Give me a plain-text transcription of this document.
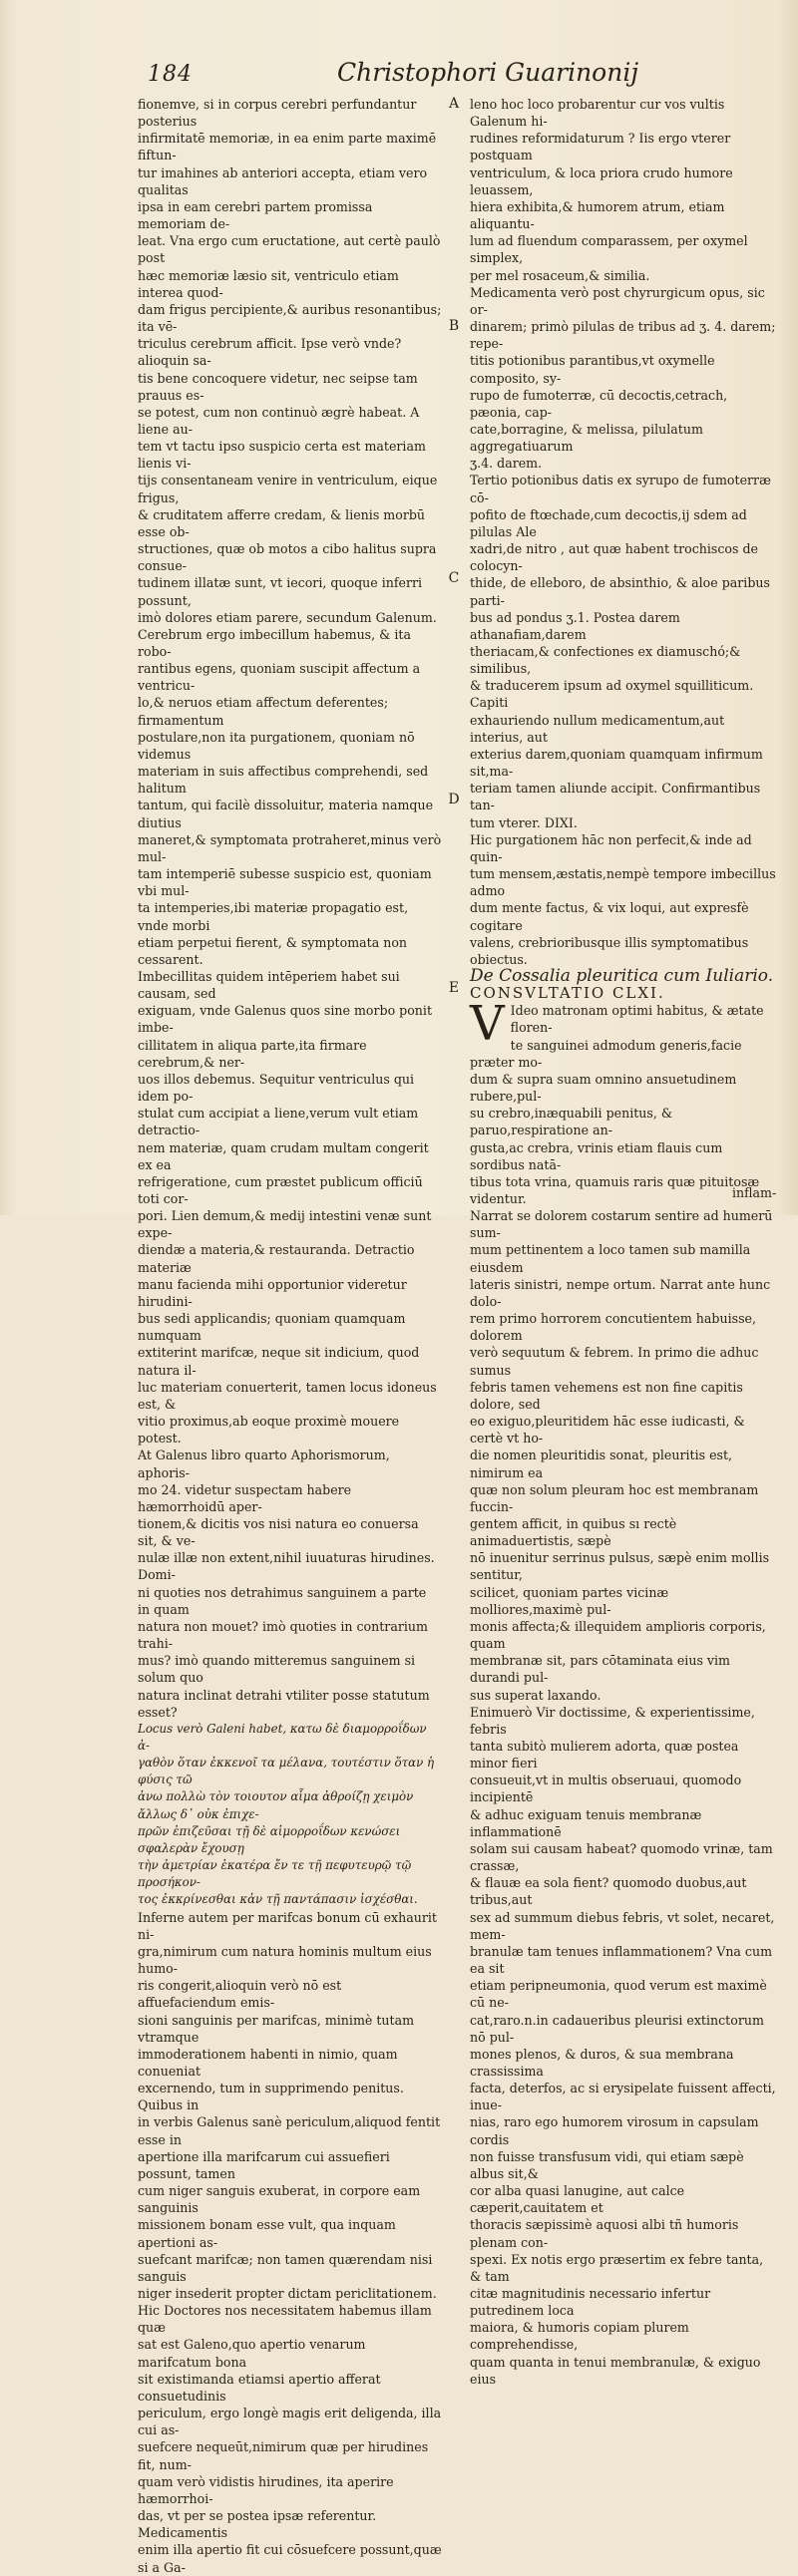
184	Christophori Guarinonij
A
B
C
D
E

fionemve, si in corpus cerebri perfundantur posterius
infirmitatē memoriæ, in ea enim parte maximē fiftun-
tur imahines ab anteriori accepta, etiam vero qualitas
ipsa in eam cerebri partem promissa memoriam de-
leat. Vna ergo cum eructatione, aut certè paulò post
hæc memoriæ læsio sit, ventriculo etiam interea quod-
dam frigus percipiente,& auribus resonantibus; ita vē-
triculus cerebrum afficit. Ipse verò vnde? alioquin sa-
tis bene concoquere videtur, nec seipse tam prauus es-
se potest, cum non continuò ægrè habeat. A liene au-
tem vt tactu ipso suspicio certa est materiam lienis vi-
tijs consentaneam venire in ventriculum, eique frigus,
& cruditatem afferre credam, & lienis morbū esse ob-
structiones, quæ ob motos a cibo halitus supra consue-
tudinem illatæ sunt, vt iecori, quoque inferri possunt,
imò dolores etiam parere, secundum Galenum.

Cerebrum ergo imbecillum habemus, & ita robo-
rantibus egens, quoniam suscipit affectum a ventricu-
lo,& neruos etiam affectum deferentes; firmamentum
postulare,non ita purgationem, quoniam nō videmus
materiam in suis affectibus comprehendi, sed halitum
tantum, qui facilè dissoluitur, materia namque diutius
maneret,& symptomata protraheret,minus verò mul-
tam intemperiē subesse suspicio est, quoniam vbi mul-
ta intemperies,ibi materiæ propagatio est, vnde morbi
etiam perpetui fierent, & symptomata non cessarent.
Imbecillitas quidem intēperiem habet sui causam, sed
exiguam, vnde Galenus quos sine morbo ponit imbe-
cillitatem in aliqua parte,ita firmare cerebrum,& ner-
uos illos debemus. Sequitur ventriculus qui idem po-
stulat cum accipiat a liene,verum vult etiam detractio-
nem materiæ, quam crudam multam congerit ex ea
refrigeratione, cum præstet publicum officiū toti cor-
pori. Lien demum,& medij intestini venæ sunt expe-
diendæ a materia,& restauranda. Detractio materiæ
manu facienda mihi opportunior videretur hirudini-
bus sedi applicandis; quoniam quamquam numquam
extiterint marifcæ, neque sit indicium, quod natura il-
luc materiam conuerterit, tamen locus idoneus est, &
vitio proximus,ab eoque proximè mouere potest.

At Galenus libro quarto Aphorismorum, aphoris-
mo 24. videtur suspectam habere hæmorrhoidū aper-
tionem,& dicitis vos nisi natura eo conuersa sit, & ve-
nulæ illæ non extent,nihil iuuaturas hirudines. Domi-
ni quoties nos detrahimus sanguinem a parte in quam
natura non mouet? imò quoties in contrarium trahi-
mus? imò quando mitteremus sanguinem si solum quo
natura inclinat detrahi vtiliter posse statutum esset?

Locus verò Galeni habet, κατω δὲ διαμορροΐδων ἀ-
γαθὸν ὅταν ἐκκενοῖ τα μέλανα, τουτέστιν ὅταν ἡ φύσις τῶ
ἀνω πολλὼ τὸν τοιουτον αἷμα ἀθροίζῃ χειμὸν ἄλλως δ᾿ οὐκ ἐπιχε-
πρῶν ἐπιζεῦσαι τῇ δὲ αἱμορροΐδων κενώσει σφαλερὰν ἔχουσῃ
τὴν ἀμετρίαν ἑκατέρα ἔν τε τῇ πεφυτευρῷ τῷ προσήκον-
τος ἐκκρίνεσθαι κἀν τῇ παντάπασιν ἰσχέσθαι.

Inferne autem per marifcas bonum cū exhaurit ni-
gra,nimirum cum natura hominis multum eius humo-
ris congerit,alioquin verò nō est affuefaciendum emis-
sioni sanguinis per marifcas, minimè tutam vtramque
immoderationem habenti in nimio, quam conueniat
excernendo, tum in supprimendo penitus. Quibus in
in verbis Galenus sanè periculum,aliquod fentit esse in
apertione illa marifcarum cui assuefieri possunt, tamen
cum niger sanguis exuberat, in corpore eam sanguinis
missionem bonam esse vult, qua inquam apertioni as-
suefcant marifcæ; non tamen quærendam nisi sanguis
niger insederit propter dictam periclitationem.

Hic Doctores nos necessitatem habemus illam quæ
sat est Galeno,quo apertio venarum marifcatum bona
sit existimanda etiamsi apertio afferat consuetudinis
periculum, ergo longè magis erit deligenda, illa cui as-
suefcere nequeūt,nimirum quæ per hirudines fit, num-
quam verò vidistis hirudines, ita aperire hæmorrhoi-
das, vt per se postea ipsæ referentur. Medicamentis
enim illa apertio fit cui cōsuefcere possunt,quæ si a Ga-

leno hoc loco probarentur cur vos vultis Galenum hi-
rudines reformidaturum ? Iis ergo vterer postquam
ventriculum, & loca priora crudo humore leuassem,
hiera exhibita,& humorem atrum, etiam aliquantu-
lum ad fluendum comparassem, per oxymel simplex,
per mel rosaceum,& similia.

Medicamenta verò post chyrurgicum opus, sic or-
dinarem; primò pilulas de tribus ad ʒ. 4. darem; repe-
titis potionibus parantibus,vt oxymelle composito, sy-
rupo de fumoterræ, cū decoctis,cetrach, pæonia, cap-
cate,borragine, & melissa, pilulatum aggregatiuarum
ʒ.4. darem.

Tertio potionibus datis ex syrupo de fumoterræ cō-
pofito de ftœchade,cum decoctis,ij sdem ad pilulas Ale
xadri,de nitro , aut quæ habent trochiscos de colocyn-
thide, de elleboro, de absinthio, & aloe paribus parti-
bus ad pondus ʒ.1. Postea darem athanafiam,darem
theriacam,& confectiones ex diamuschó;& similibus,
& traducerem ipsum ad oxymel squilliticum. Capiti
exhauriendo nullum medicamentum,aut interius, aut
exterius darem,quoniam quamquam infirmum sit,ma-
teriam tamen aliunde accipit. Confirmantibus tan-
tum vterer. DIXI.

Hic purgationem hāc non perfecit,& inde ad quin-
tum mensem,æstatis,nempè tempore imbecillus admo
dum mente factus, & vix loqui, aut expresfè cogitare
valens, crebrioribusque illis symptomatibus obiectus.

De Cossalia pleuritica cum Iuliario.

CONSVLTATIO CLXI.

V Ideo matronam optimi habitus, & ætate floren-
te sanguinei admodum generis,facie præter mo-
dum & supra suam omnino ansuetudinem rubere,pul-
su crebro,inæquabili penitus, & paruo,respiratione an-
gusta,ac crebra, vrinis etiam flauis cum sordibus natā-
tibus tota vrina, quamuis raris quæ pituitosæ videntur.
Narrat se dolorem costarum sentire ad humerū sum-
mum pettinentem a loco tamen sub mamilla eiusdem
lateris sinistri, nempe ortum. Narrat ante hunc dolo-
rem primo horrorem concutientem habuisse, dolorem
verò sequutum & febrem. In primo die adhuc sumus
febris tamen vehemens est non fine capitis dolore, sed
eo exiguo,pleuritidem hāc esse iudicasti, & certè vt ho-
die nomen pleuritidis sonat, pleuritis est, nimirum ea
quæ non solum pleuram hoc est membranam fuccin-
gentem afficit, in quibus sı rectè animaduertistis, sæpè
nō inuenitur serrinus pulsus, sæpè enim mollis sentitur,
scilicet, quoniam partes vicinæ molliores,maximè pul-
monis affecta;& illequidem amplioris corporis, quam
membranæ sit, pars cōtaminata eius vim durandi pul-
sus superat laxando.

Enimuerò Vir doctissime, & experientissime, febris
tanta subitò mulierem adorta, quæ postea minor fieri
consueuit,vt in multis obseruaui, quomodo incipientē
& adhuc exiguam tenuis membranæ inflammationē
solam sui causam habeat? quomodo vrinæ, tam crassæ,
& flauæ ea sola fient? quomodo duobus,aut tribus,aut
sex ad summum diebus febris, vt solet, necaret, mem-
branulæ tam tenues inflammationem? Vna cum ea sit
etiam peripneumonia, quod verum est maximè cū ne-
cat,raro.n.in cadaueribus pleurisi extinctorum nō pul-
mones plenos, & duros, & sua membrana crassissima
facta, deterfos, ac si erysipelate fuissent affecti, inue-
nias, raro ego humorem virosum in capsulam cordis
non fuisse transfusum vidi, qui etiam sæpè albus sit,&
cor alba quasi lanugine, aut calce cæperit,cauitatem et
thoracis sæpissimè aquosi albi tñ humoris plenam con-
spexi. Ex notis ergo præsertim ex febre tanta, & tam
citæ magnitudinis necessario infertur putredinem loca
maiora, & humoris copiam plurem comprehendisse,
quam quanta in tenui membranulæ, & exiguo eius

inflam-
